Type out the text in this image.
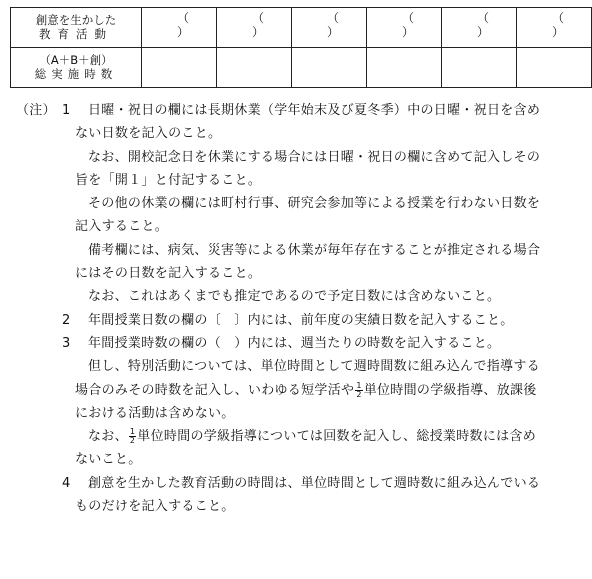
創意を生かした
教育活動	（ ）	（ ）	（ ）	（ ）	（ ）	（ ）

（A＋B＋創）
総実施時数						

（注） 1 日曜・祝日の欄には長期休業（学年始末及び夏冬季）中の日曜・祝日を含め

ない日数を記入のこと。

なお、開校記念日を休業にする場合には日曜・祝日の欄に含めて記入しその

旨を「開１」と付記すること。

その他の休業の欄には町村行事、研究会参加等による授業を行わない日数を

記入すること。

備考欄には、病気、災害等による休業が毎年存在することが推定される場合

にはその日数を記入すること。

なお、これはあくまでも推定であるので予定日数には含めないこと。

2 年間授業日数の欄の〔　〕内には、前年度の実績日数を記入すること。

3 年間授業時数の欄の（　）内には、週当たりの時数を記入すること。

但し、特別活動については、単位時間として週時間数に組み込んで指導する

場合のみその時数を記入し、いわゆる短学活や $\frac{1}{2}$ 単位時間の学級指導、放課後

における活動は含めない。

なお、 $\frac{1}{2}$ 単位時間の学級指導については回数を記入し、総授業時数には含め

ないこと。

4 創意を生かした教育活動の時間は、単位時間として週時数に組み込んでいる

ものだけを記入すること。
